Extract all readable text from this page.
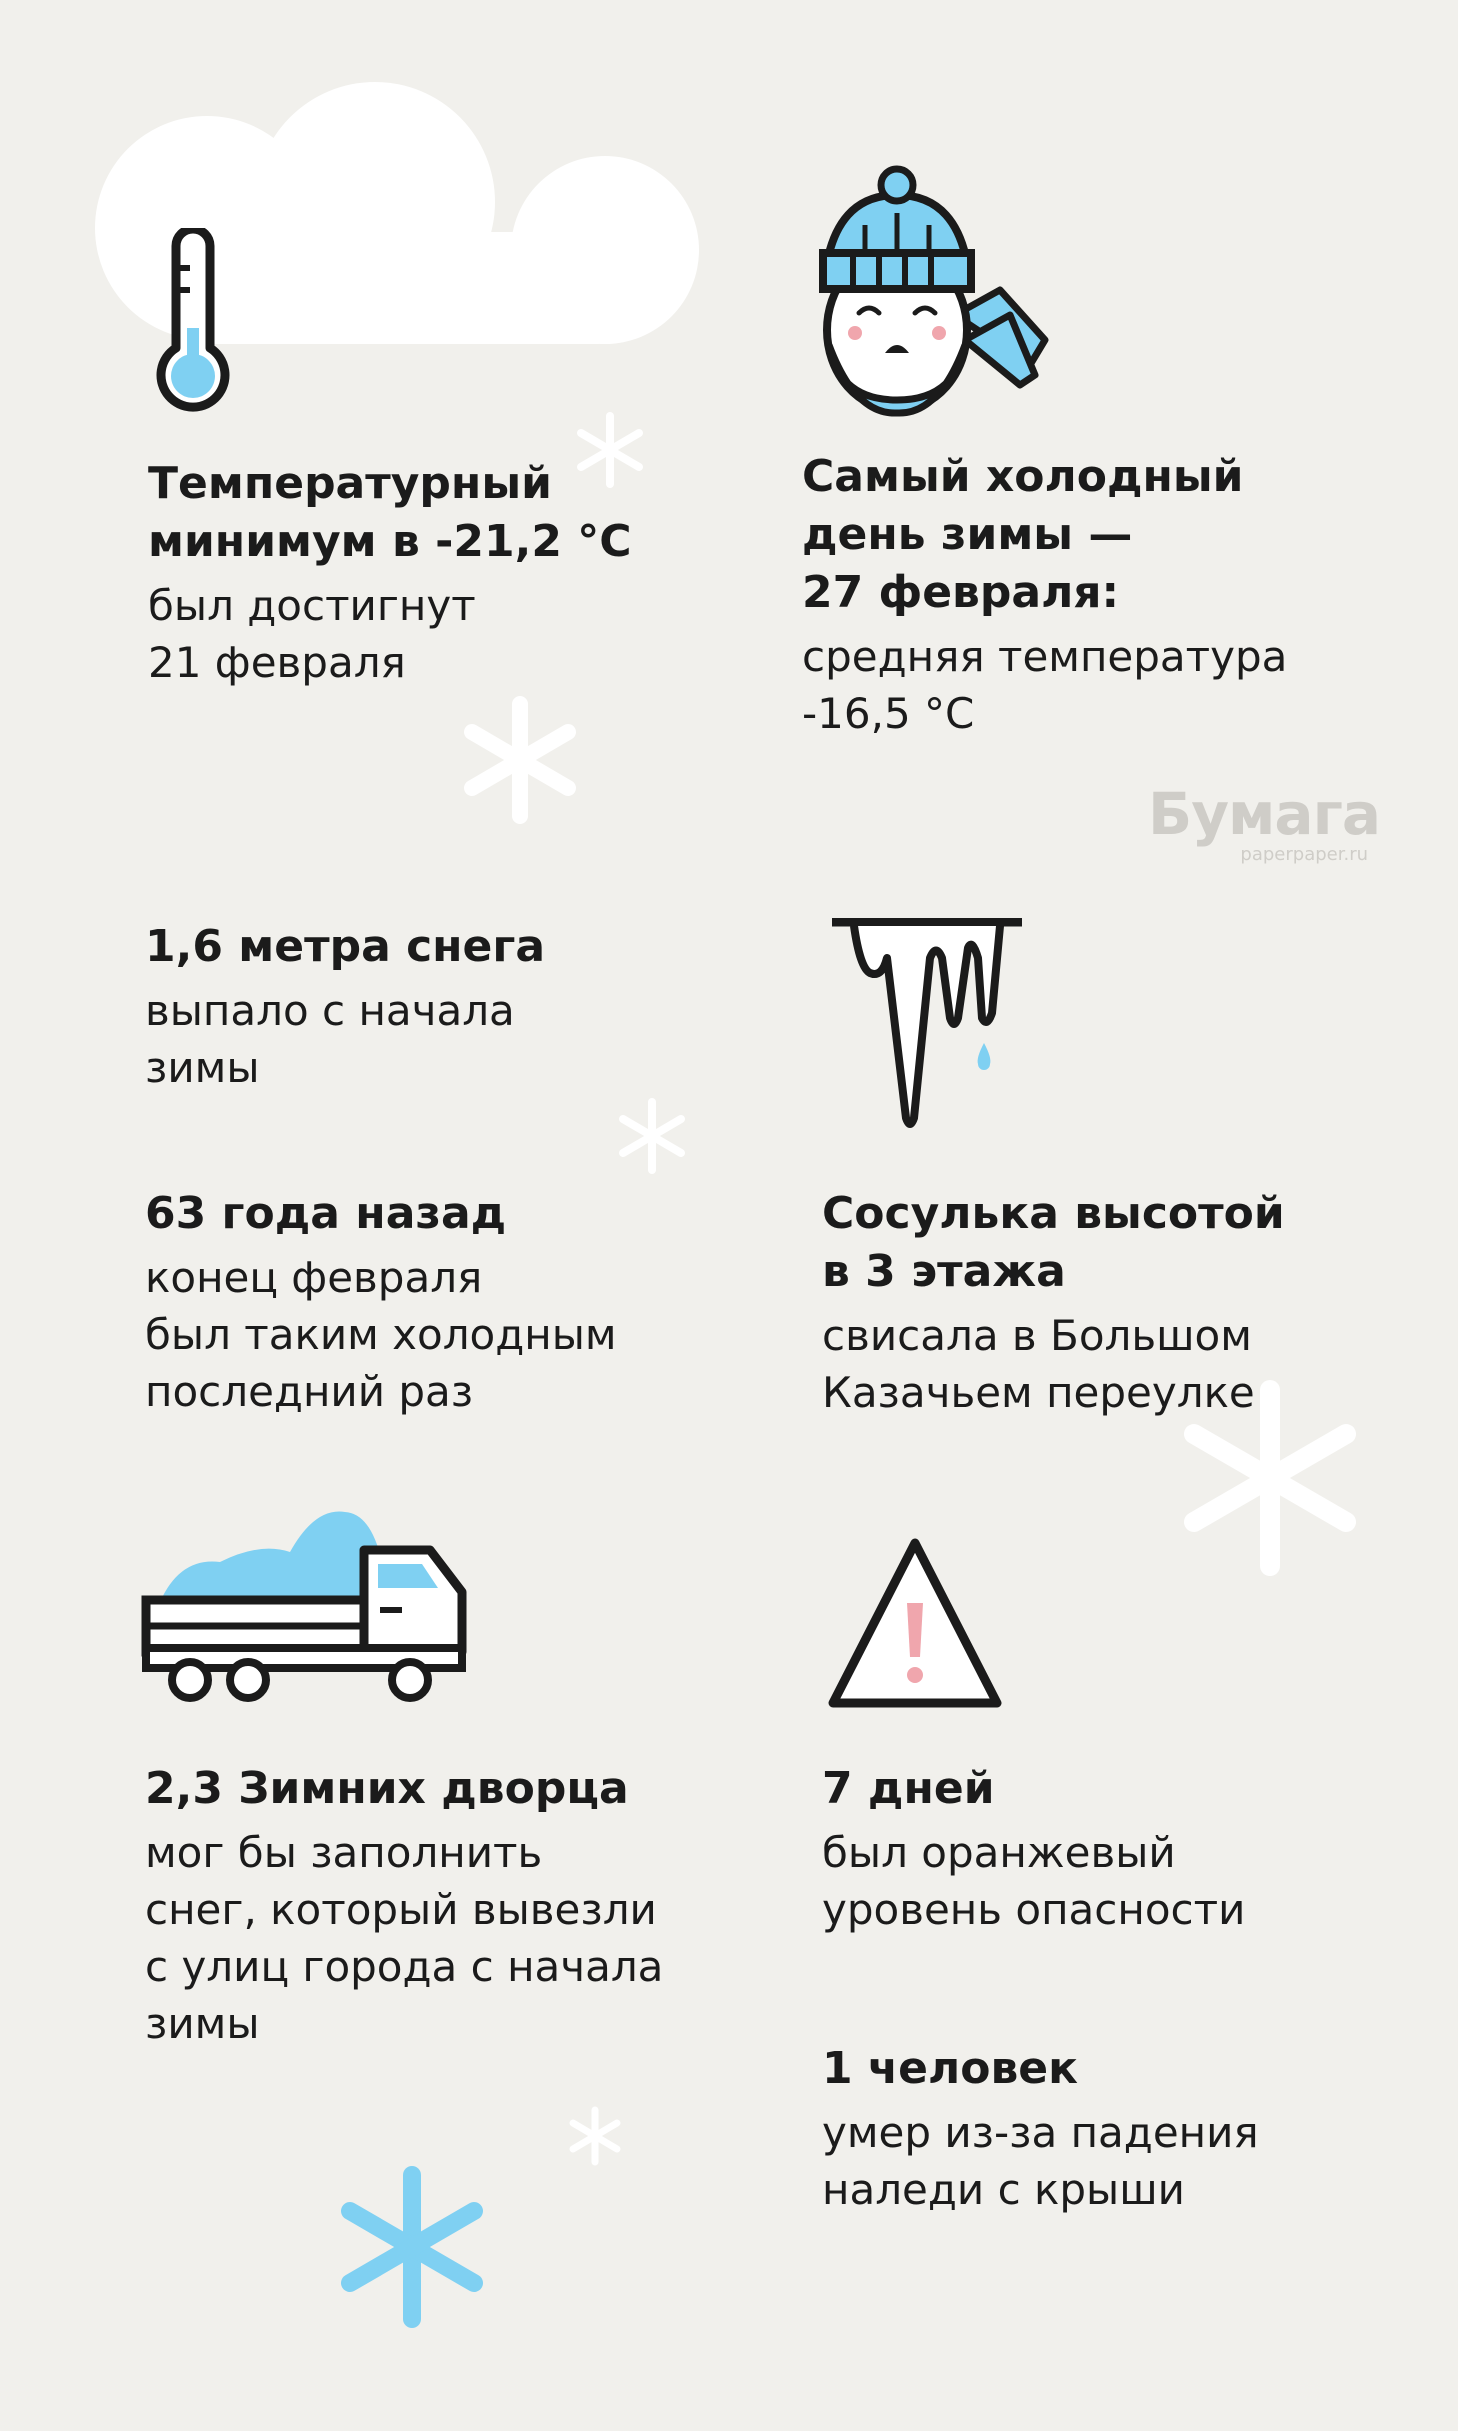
Бумага
paperpaper.ru

Температурный
минимум в -21,2 °С

был достигнут
21 февраля

Самый холодный
день зимы —
27 февраля:

средняя температура
-16,5 °С

1,6 метра снега

выпало с начала
зимы

63 года назад

конец февраля
был таким холодным
последний раз

Сосулька высотой
в 3 этажа

свисала в Большом
Казачьем переулке

2,3 Зимних дворца

мог бы заполнить
снег, который вывезли
с улиц города с начала
зимы

7 дней

был оранжевый
уровень опасности

1 человек

умер из-за падения
наледи с крыши
